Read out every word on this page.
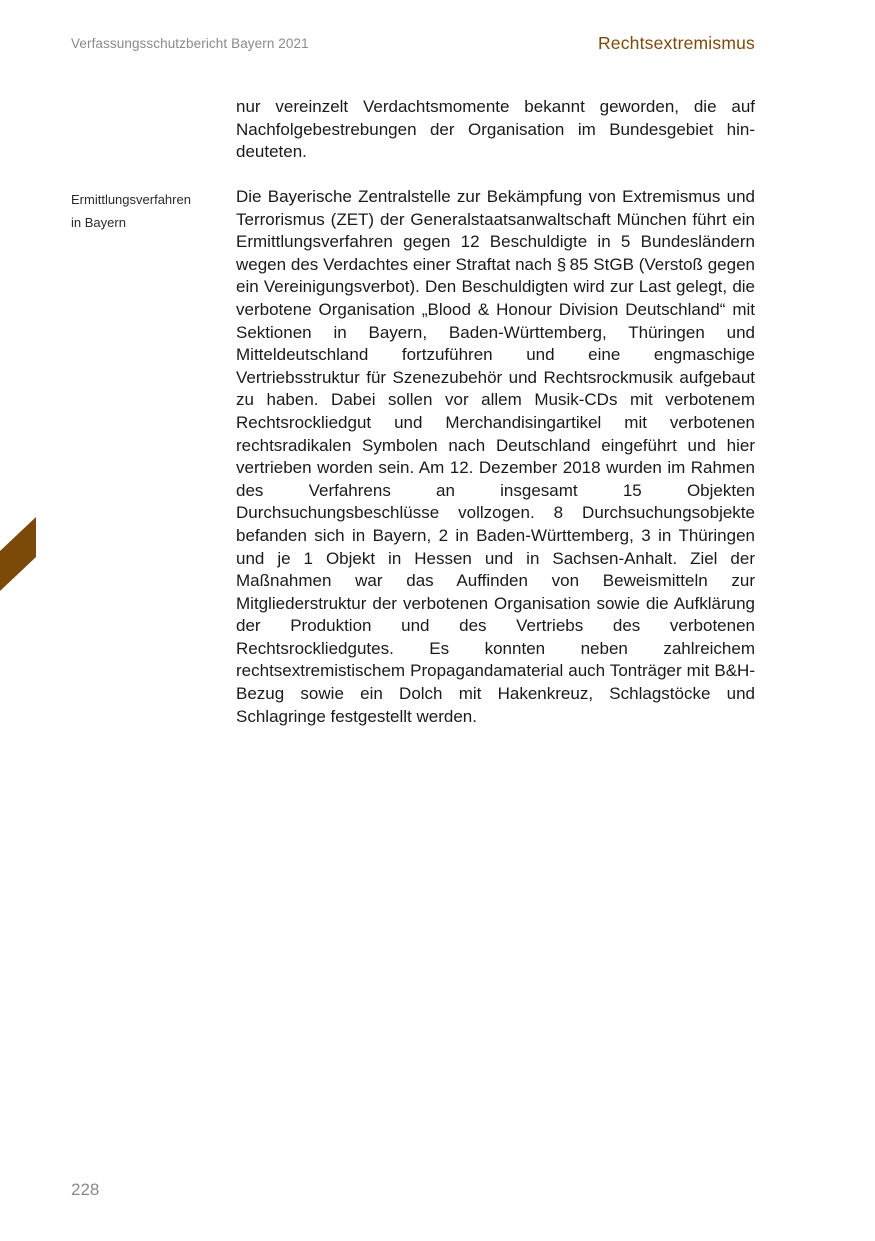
Verfassungsschutzbericht Bayern 2021	Rechtsextremismus
Ermittlungsverfahren
in Bayern

nur vereinzelt Verdachtsmomente bekannt geworden, die auf Nachfolgebestrebungen der Organisation im Bundesgebiet hindeuteten.

Die Bayerische Zentralstelle zur Bekämpfung von Extremismus und Terrorismus (ZET) der Generalstaatsanwaltschaft München führt ein Ermittlungsverfahren gegen 12 Beschuldigte in 5 Bundesländern wegen des Verdachtes einer Straftat nach § 85 StGB (Verstoß gegen ein Vereinigungsverbot). Den Beschuldigten wird zur Last gelegt, die verbotene Organisation „Blood & Honour Division Deutschland“ mit Sektionen in Bayern, Baden-Württemberg, Thüringen und Mitteldeutschland fortzuführen und eine engmaschige Vertriebsstruktur für Szenezubehör und Rechtsrockmusik aufgebaut zu haben. Dabei sollen vor allem Musik-CDs mit verbotenem Rechtsrockliedgut und Merchandisingartikel mit verbotenen rechtsradikalen Symbolen nach Deutschland eingeführt und hier vertrieben worden sein. Am 12. Dezember 2018 wurden im Rahmen des Verfahrens an insgesamt 15 Objekten Durchsuchungsbeschlüsse vollzogen. 8 Durchsuchungsobjekte befanden sich in Bayern, 2 in Baden-Württemberg, 3 in Thüringen und je 1 Objekt in Hessen und in Sachsen-Anhalt. Ziel der Maßnahmen war das Auffinden von Beweismitteln zur Mitgliederstruktur der verbotenen Organisation sowie die Aufklärung der Produktion und des Vertriebs des verbotenen Rechtsrockliedgutes. Es konnten neben zahlreichem rechtsextremistischem Propagandamaterial auch Tonträger mit B&H-Bezug sowie ein Dolch mit Hakenkreuz, Schlagstöcke und Schlagringe festgestellt werden.

228
